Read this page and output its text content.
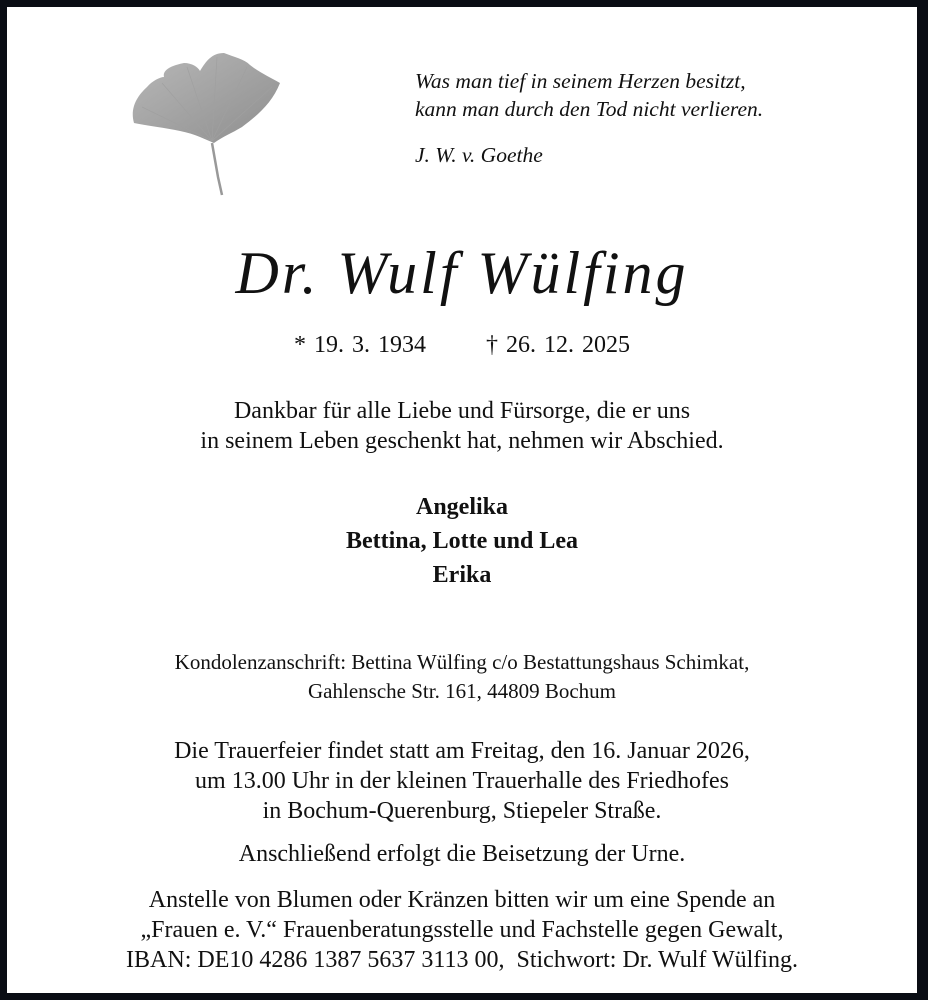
Was man tief in seinem Herzen besitzt,
kann man durch den Tod nicht verlieren.
J. W. v. Goethe
Dr. Wulf Wülfing
* 19. 3. 1934	† 26. 12. 2025
Dankbar für alle Liebe und Fürsorge, die er uns
in seinem Leben geschenkt hat, nehmen wir Abschied.
Angelika
Bettina, Lotte und Lea
Erika
Kondolenzanschrift: Bettina Wülfing c/o Bestattungshaus Schimkat,
Gahlensche Str. 161, 44809 Bochum
Die Trauerfeier findet statt am Freitag, den 16. Januar 2026,
um 13.00 Uhr in der kleinen Trauerhalle des Friedhofes
in Bochum-Querenburg, Stiepeler Straße.
Anschließend erfolgt die Beisetzung der Urne.
Anstelle von Blumen oder Kränzen bitten wir um eine Spende an
„Frauen e. V.“ Frauenberatungsstelle und Fachstelle gegen Gewalt,
IBAN: DE10 4286 1387 5637 3113 00,  Stichwort: Dr. Wulf Wülfing.
